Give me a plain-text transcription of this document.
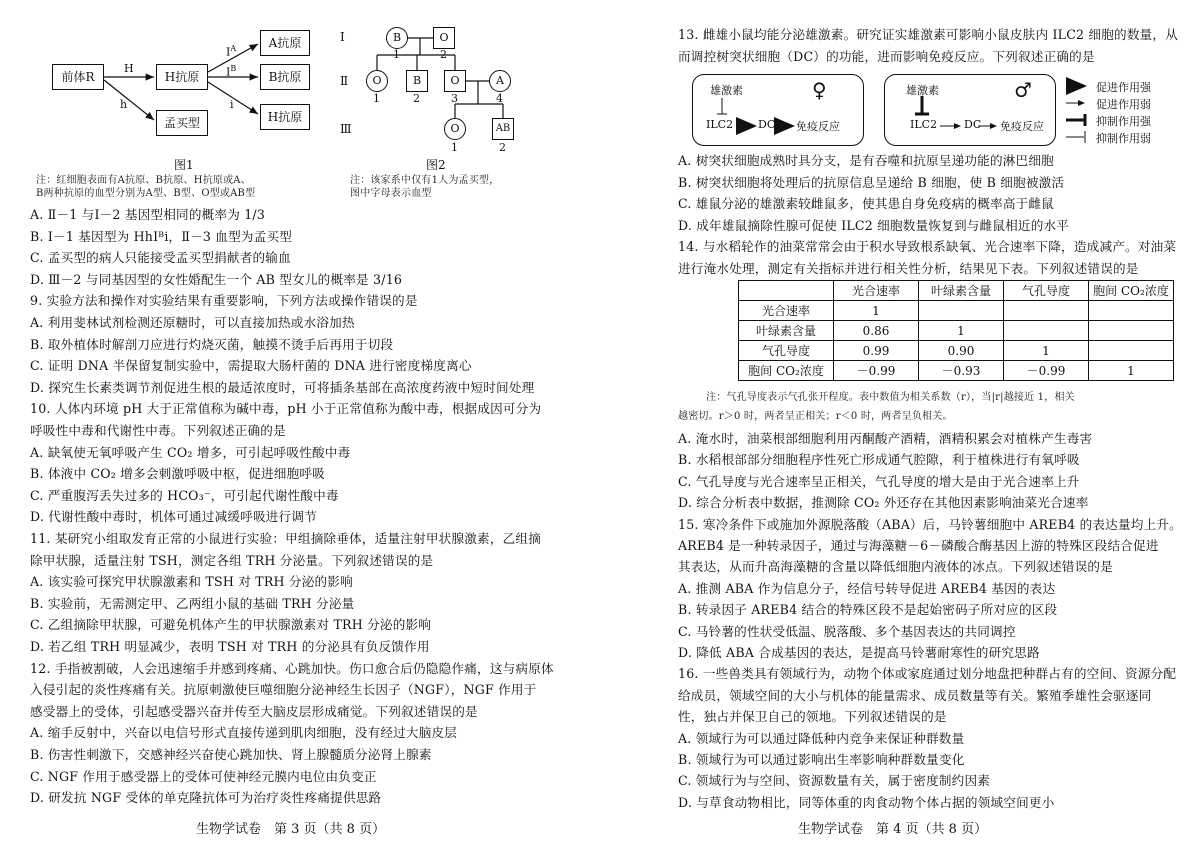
前体R	H抗原
A抗原
B抗原
H抗原
孟买型
H
h
$I^A$
$I^B$
i
图1
注：红细胞表面有A抗原、B抗原、H抗原或A、
B两种抗原的血型分别为A型、B型、O型或AB型
Ⅰ
Ⅱ
Ⅲ
B
1
O
2
O
1
B
2
O
3
A
4
O
1
AB
2
图2
注：该家系中仅有1人为孟买型，
图中字母表示血型
A. Ⅱ－1 与Ⅰ－2 基因型相同的概率为 1/3
B. Ⅰ－1 基因型为 HhIᴮi，Ⅱ－3 血型为孟买型
C. 孟买型的病人只能接受孟买型捐献者的输血
D. Ⅲ－2 与同基因型的女性婚配生一个 AB 型女儿的概率是 3/16
9. 实验方法和操作对实验结果有重要影响，下列方法或操作错误的是
A. 利用斐林试剂检测还原糖时，可以直接加热或水浴加热
B. 取外植体时解剖刀应进行灼烧灭菌，触摸不烫手后再用于切段
C. 证明 DNA 半保留复制实验中，需提取大肠杆菌的 DNA 进行密度梯度离心
D. 探究生长素类调节剂促进生根的最适浓度时，可将插条基部在高浓度药液中短时间处理
10. 人体内环境 pH 大于正常值称为碱中毒，pH 小于正常值称为酸中毒，根据成因可分为
呼吸性中毒和代谢性中毒。下列叙述正确的是
A. 缺氧使无氧呼吸产生 CO₂ 增多，可引起呼吸性酸中毒
B. 体液中 CO₂ 增多会刺激呼吸中枢，促进细胞呼吸
C. 严重腹泻丢失过多的 HCO₃⁻，可引起代谢性酸中毒
D. 代谢性酸中毒时，机体可通过减缓呼吸进行调节
11. 某研究小组取发育正常的小鼠进行实验：甲组摘除垂体，适量注射甲状腺激素，乙组摘
除甲状腺，适量注射 TSH，测定各组 TRH 分泌量。下列叙述错误的是
A. 该实验可探究甲状腺激素和 TSH 对 TRH 分泌的影响
B. 实验前，无需测定甲、乙两组小鼠的基础 TRH 分泌量
C. 乙组摘除甲状腺，可避免机体产生的甲状腺激素对 TRH 分泌的影响
D. 若乙组 TRH 明显减少，表明 TSH 对 TRH 的分泌具有负反馈作用
12. 手指被割破，人会迅速缩手并感到疼痛、心跳加快。伤口愈合后仍隐隐作痛，这与病原体
入侵引起的炎性疼痛有关。抗原刺激使巨噬细胞分泌神经生长因子（NGF），NGF 作用于
感受器上的受体，引起感受器兴奋并传至大脑皮层形成痛觉。下列叙述错误的是
A. 缩手反射中，兴奋以电信号形式直接传递到肌肉细胞，没有经过大脑皮层
B. 伤害性刺激下，交感神经兴奋使心跳加快、肾上腺髓质分泌肾上腺素
C. NGF 作用于感受器上的受体可使神经元膜内电位由负变正
D. 研发抗 NGF 受体的单克隆抗体可为治疗炎性疼痛提供思路
生物学试卷　第 3 页（共 8 页）
13. 雌雄小鼠均能分泌雄激素。研究证实雄激素可影响小鼠皮肤内 ILC2 细胞的数量，从
而调控树突状细胞（DC）的功能，进而影响免疫反应。下列叙述正确的是
雄激素	♀
ILC2 DC 免疫反应
雄激素	♂
ILC2 DC 免疫反应
促进作用强
促进作用弱
抑制作用强
抑制作用弱
A. 树突状细胞成熟时具分支，是有吞噬和抗原呈递功能的淋巴细胞
B. 树突状细胞将处理后的抗原信息呈递给 B 细胞，使 B 细胞被激活
C. 雄鼠分泌的雄激素较雌鼠多，使其患自身免疫病的概率高于雌鼠
D. 成年雄鼠摘除性腺可促使 ILC2 细胞数量恢复到与雌鼠相近的水平
14. 与水稻轮作的油菜常常会由于积水导致根系缺氧、光合速率下降，造成减产。对油菜
进行淹水处理，测定有关指标并进行相关性分析，结果见下表。下列叙述错误的是
	光合速率	叶绿素含量	气孔导度	胞间 CO₂浓度
光合速率	1			
叶绿素含量	0.86	1		
气孔导度	0.99	0.90	1	
胞间 CO₂浓度	－0.99	－0.93	－0.99	1
注：气孔导度表示气孔张开程度。表中数值为相关系数（r），当|r|越接近 1，相关
越密切。r＞0 时，两者呈正相关；r＜0 时，两者呈负相关。
A. 淹水时，油菜根部细胞利用丙酮酸产酒精，酒精积累会对植株产生毒害
B. 水稻根部部分细胞程序性死亡形成通气腔隙，利于植株进行有氧呼吸
C. 气孔导度与光合速率呈正相关，气孔导度的增大是由于光合速率上升
D. 综合分析表中数据，推测除 CO₂ 外还存在其他因素影响油菜光合速率
15. 寒冷条件下或施加外源脱落酸（ABA）后，马铃薯细胞中 AREB4 的表达量均上升。
AREB4 是一种转录因子，通过与海藻糖－6－磷酸合酶基因上游的特殊区段结合促进
其表达，从而升高海藻糖的含量以降低细胞内液体的冰点。下列叙述错误的是
A. 推测 ABA 作为信息分子，经信号转导促进 AREB4 基因的表达
B. 转录因子 AREB4 结合的特殊区段不是起始密码子所对应的区段
C. 马铃薯的性状受低温、脱落酸、多个基因表达的共同调控
D. 降低 ABA 合成基因的表达，是提高马铃薯耐寒性的研究思路
16. 一些兽类具有领域行为，动物个体或家庭通过划分地盘把种群占有的空间、资源分配
给成员，领域空间的大小与机体的能量需求、成员数量等有关。繁殖季雄性会驱逐同
性，独占并保卫自己的领地。下列叙述错误的是
A. 领域行为可以通过降低种内竞争来保证种群数量
B. 领域行为可以通过影响出生率影响种群数量变化
C. 领域行为与空间、资源数量有关，属于密度制约因素
D. 与草食动物相比，同等体重的肉食动物个体占据的领域空间更小
生物学试卷　第 4 页（共 8 页）
